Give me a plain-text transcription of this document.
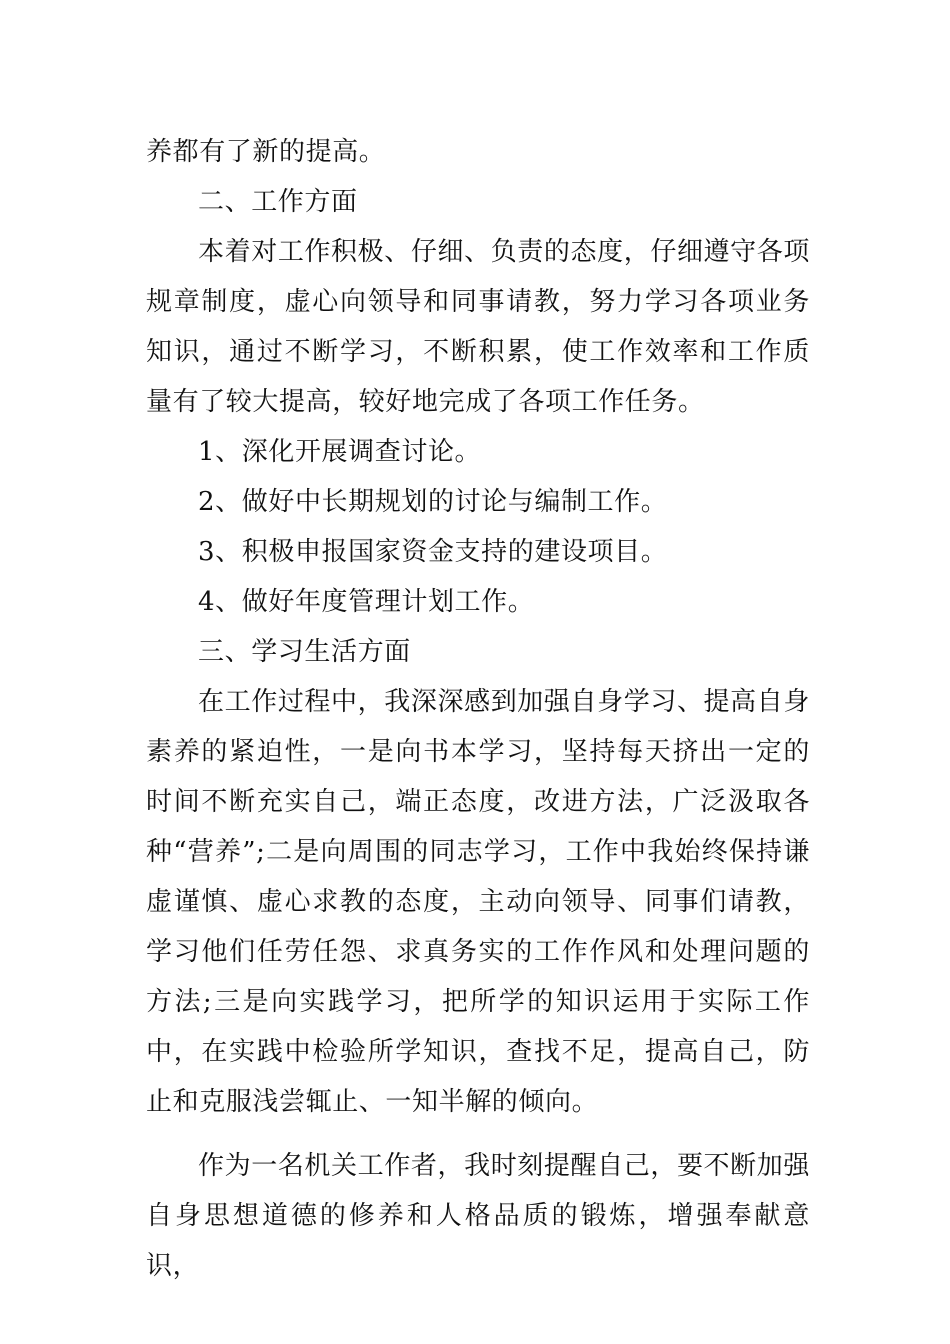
养都有了新的提高。

二、工作方面

本着对工作积极、仔细、负责的态度，仔细遵守各项规章制度，虚心向领导和同事请教，努力学习各项业务知识，通过不断学习，不断积累，使工作效率和工作质量有了较大提高，较好地完成了各项工作任务。

1、深化开展调查讨论。

2、做好中长期规划的讨论与编制工作。

3、积极申报国家资金支持的建设项目。

4、做好年度管理计划工作。

三、学习生活方面

在工作过程中，我深深感到加强自身学习、提高自身素养的紧迫性，一是向书本学习，坚持每天挤出一定的时间不断充实自己，端正态度，改进方法，广泛汲取各种“营养”;二是向周围的同志学习，工作中我始终保持谦虚谨慎、虚心求教的态度，主动向领导、同事们请教，学习他们任劳任怨、求真务实的工作作风和处理问题的方法;三是向实践学习，把所学的知识运用于实际工作中，在实践中检验所学知识，查找不足，提高自己，防止和克服浅尝辄止、一知半解的倾向。

作为一名机关工作者，我时刻提醒自己，要不断加强自身思想道德的修养和人格品质的锻炼，增强奉献意识，
